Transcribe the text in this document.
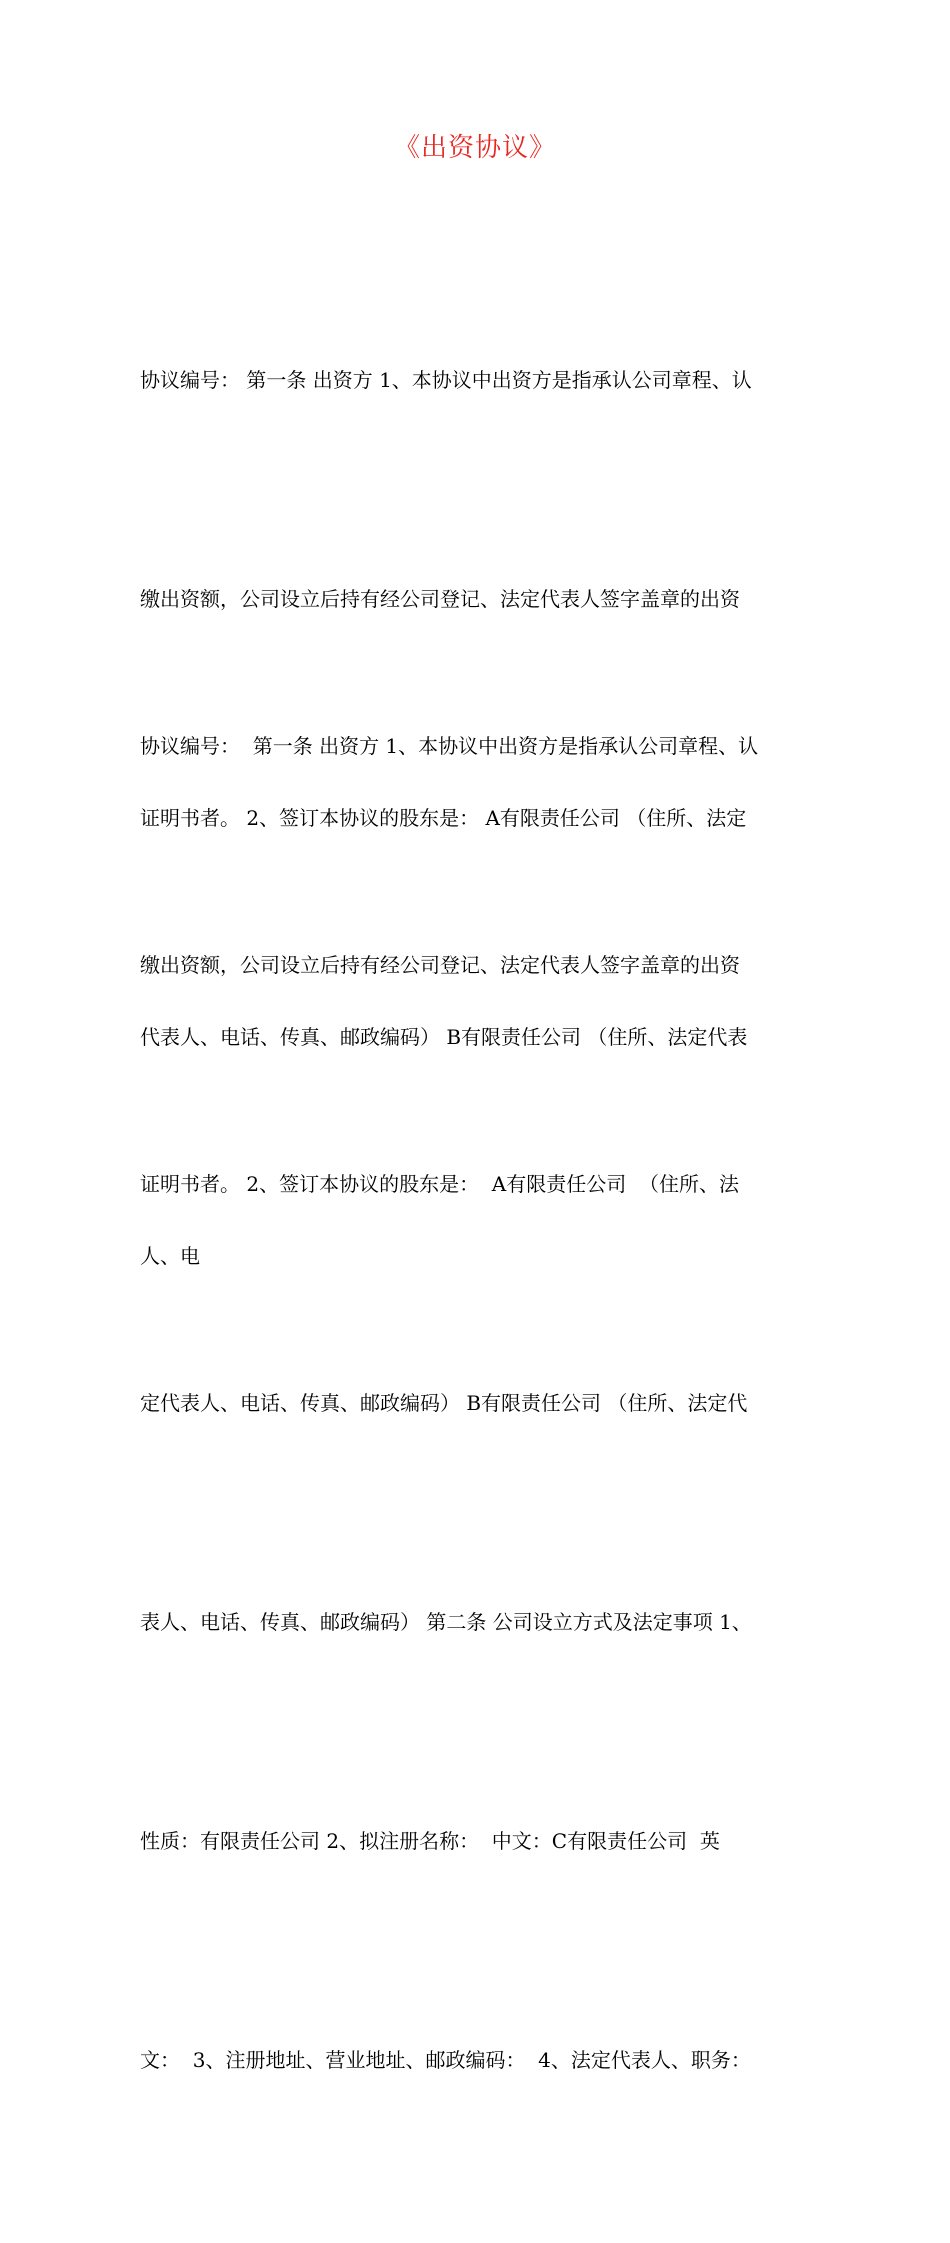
《出资协议》

协议编号： 第一条 出资方 1、本协议中出资方是指承认公司章程、认

缴出资额，公司设立后持有经公司登记、法定代表人签字盖章的出资

证明书者。 2、签订本协议的股东是： A有限责任公司 （住所、法定

代表人、电话、传真、邮政编码） B有限责任公司 （住所、法定代表

人、电

协议编号：  第一条 出资方 1、本协议中出资方是指承认公司章程、认

缴出资额，公司设立后持有经公司登记、法定代表人签字盖章的出资

证明书者。 2、签订本协议的股东是：  A有限责任公司  （住所、法

定代表人、电话、传真、邮政编码） B有限责任公司 （住所、法定代

表人、电话、传真、邮政编码） 第二条 公司设立方式及法定事项 1、

性质：有限责任公司 2、拟注册名称：  中文：C有限责任公司  英

文：  3、注册地址、营业地址、邮政编码：  4、法定代表人、职务：
